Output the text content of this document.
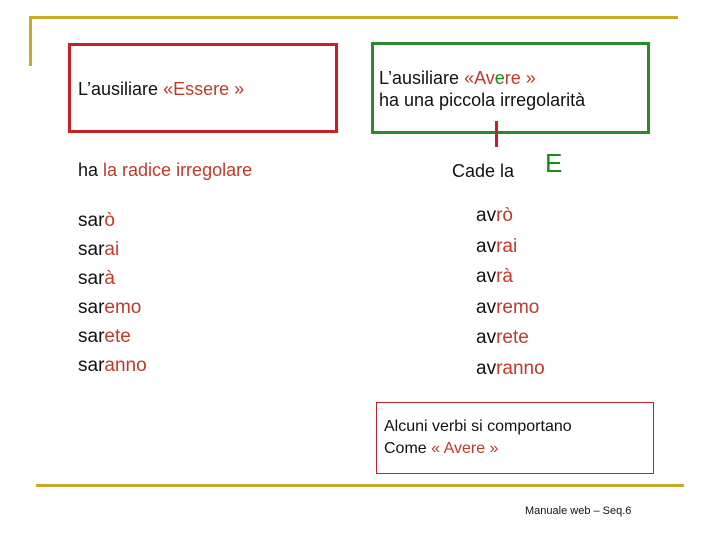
L’ausiliare «Essere »
L’ausiliare «Avere »
ha una piccola irregolarità
ha la radice irregolare	Cade la E
sarò
sarai
sarà
saremo
sarete
saranno
avrò
avrai
avrà
avremo
avrete
avranno
Alcuni verbi si comportano
Come « Avere »
Manuale web – Seq.6
